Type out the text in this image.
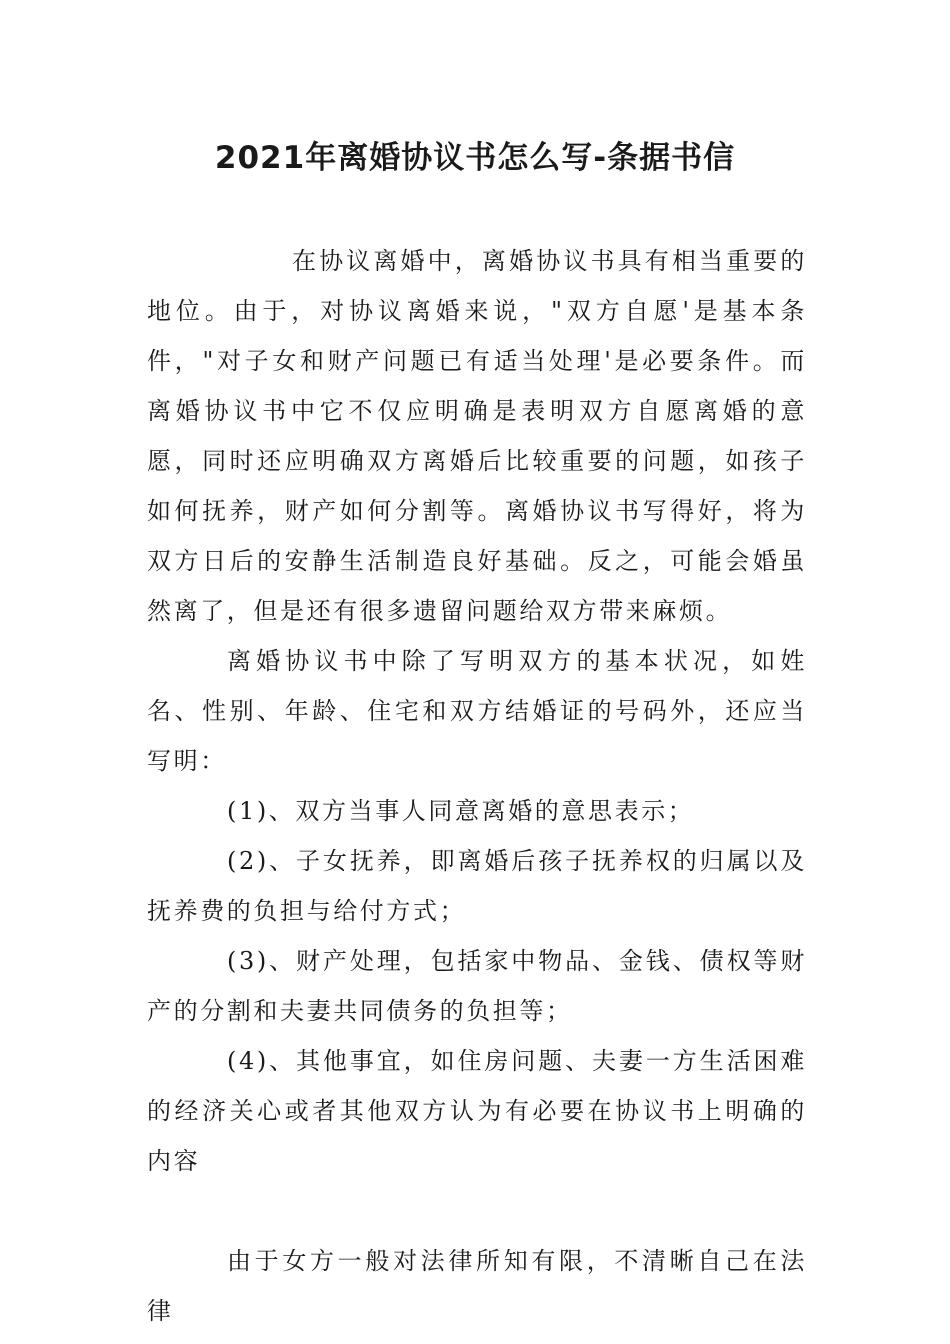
2021年离婚协议书怎么写-条据书信

在协议离婚中，离婚协议书具有相当重要的地位。由于，对协议离婚来说，"双方自愿'是基本条件，"对子女和财产问题已有适当处理'是必要条件。而离婚协议书中它不仅应明确是表明双方自愿离婚的意愿，同时还应明确双方离婚后比较重要的问题，如孩子如何抚养，财产如何分割等。离婚协议书写得好，将为双方日后的安静生活制造良好基础。反之，可能会婚虽然离了，但是还有很多遗留问题给双方带来麻烦。

离婚协议书中除了写明双方的基本状况，如姓名、性别、年龄、住宅和双方结婚证的号码外，还应当写明：

(1)、双方当事人同意离婚的意思表示；

(2)、子女抚养，即离婚后孩子抚养权的归属以及抚养费的负担与给付方式；

(3)、财产处理，包括家中物品、金钱、债权等财产的分割和夫妻共同债务的负担等；

(4)、其他事宜，如住房问题、夫妻一方生活困难的经济关心或者其他双方认为有必要在协议书上明确的内容

由于女方一般对法律所知有限，不清晰自己在法律
